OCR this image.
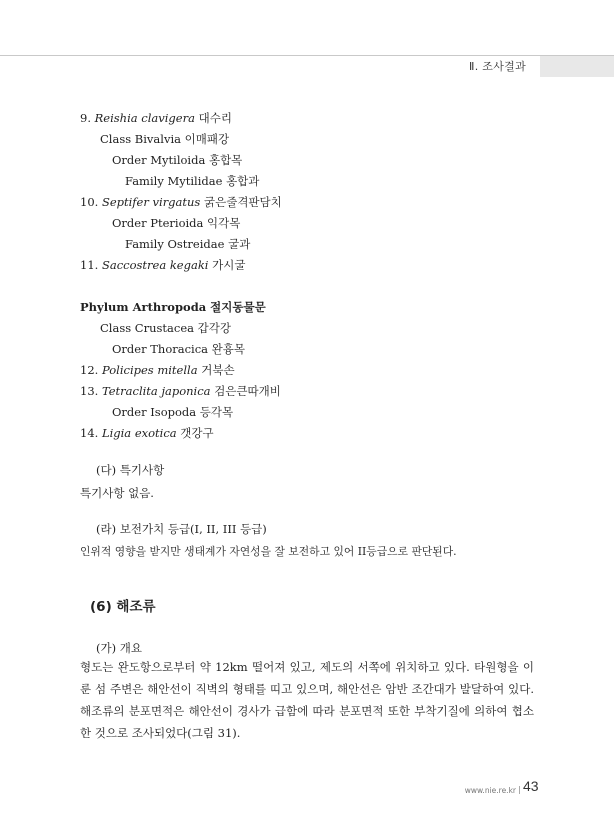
Ⅱ. 조사결과
9. Reishia clavigera 대수리
Class Bivalvia 이매패강
Order Mytiloida 홍합목
Family Mytilidae 홍합과
10. Septifer virgatus 굵은줄격판담치
Order Pterioida 익각목
Family Ostreidae 굴과
11. Saccostrea kegaki 가시굴
Phylum Arthropoda 절지동물문
Class Crustacea 갑각강
Order Thoracica 완흉목
12. Policipes mitella 거북손
13. Tetraclita japonica 검은큰따개비
Order Isopoda 등각목
14. Ligia exotica 갯강구
(다) 특기사항
특기사항 없음.
(라) 보전가치 등급(I, II, III 등급)
인위적 영향을 받지만 생태계가 자연성을 잘 보전하고 있어 II등급으로 판단된다.
(6) 해조류
(가) 개요
형도는 완도항으로부터 약 12km 떨어져 있고, 제도의 서쪽에 위치하고 있다. 타원형을 이룬 섬 주변은 해안선이 직벽의 형태를 띠고 있으며, 해안선은 암반 조간대가 발달하여 있다. 해조류의 분포면적은 해안선이 경사가 급함에 따라 분포면적 또한 부착기질에 의하여 협소한 것으로 조사되었다(그림 31).
www.nie.re.kr 43
